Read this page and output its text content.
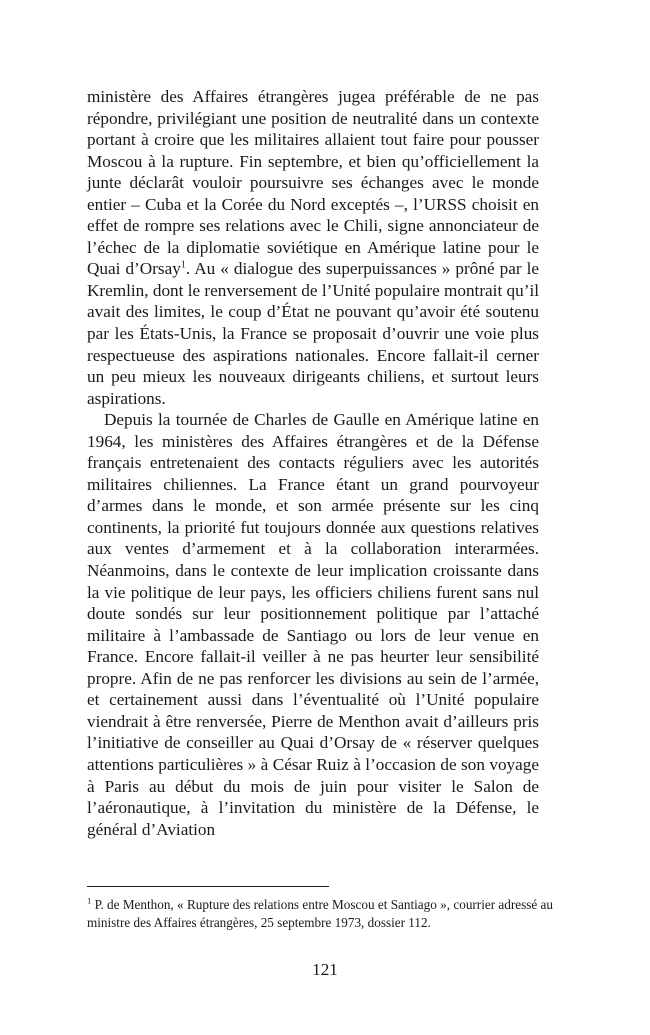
ministère des Affaires étrangères jugea préférable de ne pas répondre, privilégiant une position de neutralité dans un contexte portant à croire que les militaires allaient tout faire pour pousser Moscou à la rupture. Fin septembre, et bien qu’officiellement la junte déclarât vouloir poursuivre ses échanges avec le monde entier – Cuba et la Corée du Nord exceptés –, l’URSS choisit en effet de rompre ses relations avec le Chili, signe annonciateur de l’échec de la diplomatie soviétique en Amérique latine pour le Quai d’Orsay$^1$. Au « dialogue des superpuissances » prôné par le Kremlin, dont le renversement de l’Unité populaire montrait qu’il avait des limites, le coup d’État ne pouvant qu’avoir été soutenu par les États-Unis, la France se proposait d’ouvrir une voie plus respectueuse des aspirations nationales. Encore fallait-il cerner un peu mieux les nouveaux dirigeants chiliens, et surtout leurs aspirations.

Depuis la tournée de Charles de Gaulle en Amérique latine en 1964, les ministères des Affaires étrangères et de la Défense français entretenaient des contacts réguliers avec les autorités militaires chiliennes. La France étant un grand pourvoyeur d’armes dans le monde, et son armée présente sur les cinq continents, la priorité fut toujours donnée aux questions relatives aux ventes d’armement et à la collaboration interarmées. Néanmoins, dans le contexte de leur implication croissante dans la vie politique de leur pays, les officiers chiliens furent sans nul doute sondés sur leur positionnement politique par l’attaché militaire à l’ambassade de Santiago ou lors de leur venue en France. Encore fallait-il veiller à ne pas heurter leur sensibilité propre. Afin de ne pas renforcer les divisions au sein de l’armée, et certainement aussi dans l’éventualité où l’Unité populaire viendrait à être renversée, Pierre de Menthon avait d’ailleurs pris l’initiative de conseiller au Quai d’Orsay de « réserver quelques attentions particulières » à César Ruiz à l’occasion de son voyage à Paris au début du mois de juin pour visiter le Salon de l’aéronautique, à l’invitation du ministère de la Défense, le général d’Aviation

$^1$ P. de Menthon, « Rupture des relations entre Moscou et Santiago », courrier adressé au ministre des Affaires étrangères, 25 septembre 1973, dossier 112.

121
